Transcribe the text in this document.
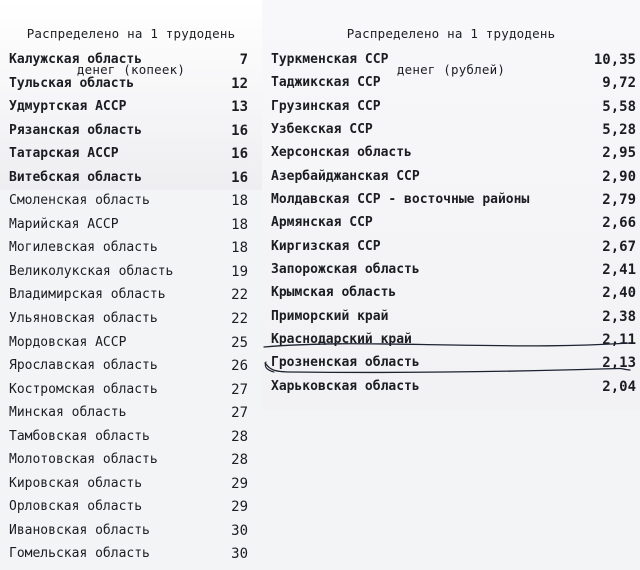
Распределено на 1 трудодень

денег (копеек)

Калужская область	7
Тульская область	12
Удмуртская АССР	13
Рязанская область	16
Татарская АССР	16
Витебская область	16
Смоленская область	18
Марийская АССР	18
Могилевская область	18
Великолукская область	19
Владимирская область	22
Ульяновская область	22
Мордовская АССР	25
Ярославская область	26
Костромская область	27
Минская область	27
Тамбовская область	28
Молотовская область	28
Кировская область	29
Орловская область	29
Ивановская область	30
Гомельская область	30

Распределено на 1 трудодень

денег (рублей)

Туркменская ССР	10,35
Таджикская ССР	9,72
Грузинская ССР	5,58
Узбекская ССР	5,28
Херсонская область	2,95
Азербайджанская ССР	2,90
Молдавская ССР - восточные районы	2,79
Армянская ССР	2,66
Киргизская ССР	2,67
Запорожская область	2,41
Крымская область	2,40
Приморский край	2,38
Краснодарский край	2,11
Грозненская область	2,13
Харьковская область	2,04
